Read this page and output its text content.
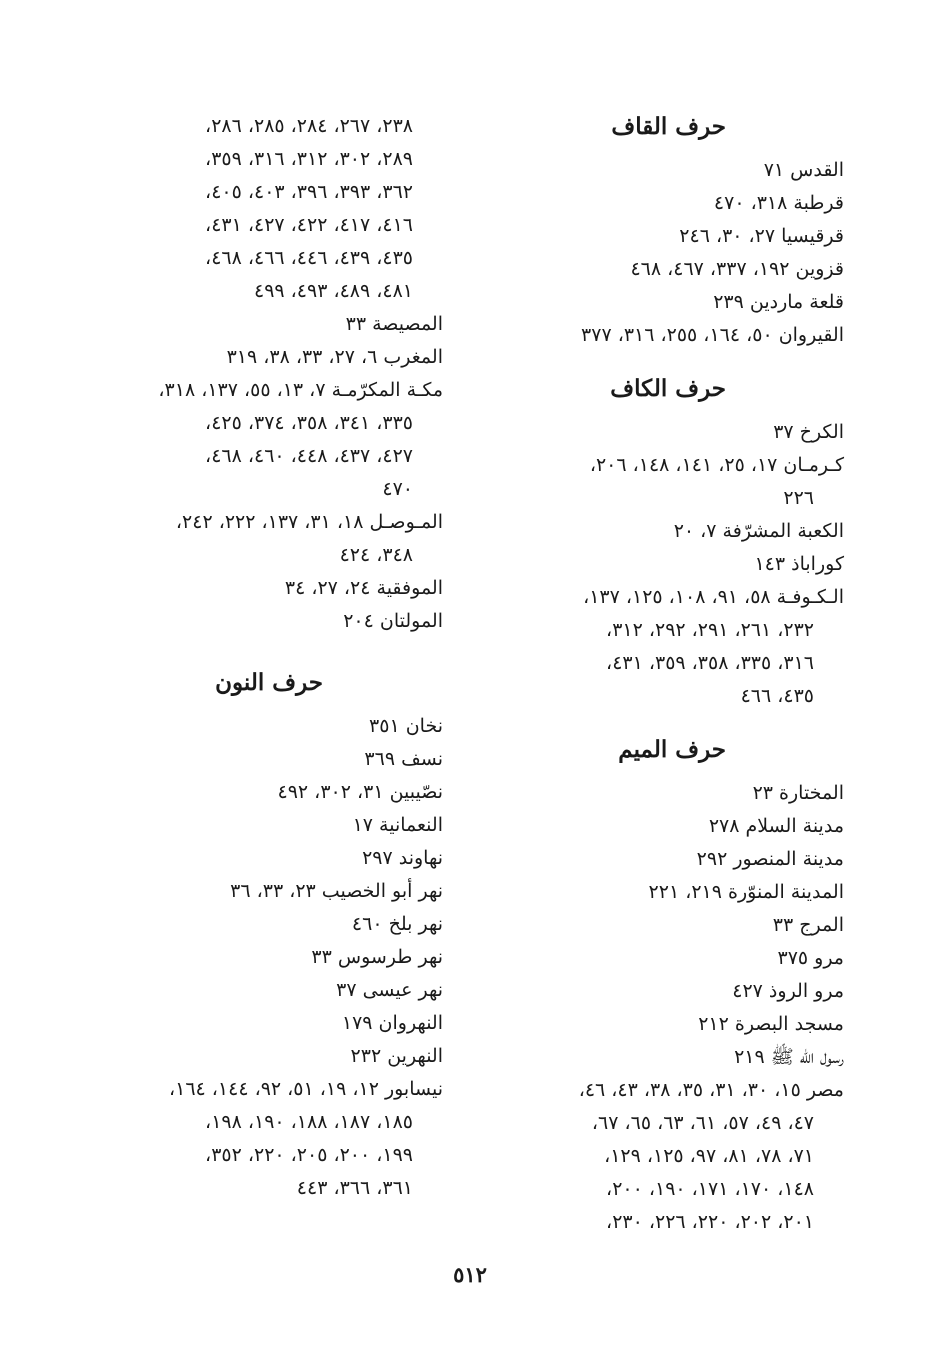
حرف القاف
القدس ٧١
قرطبة ٣١٨، ٤٧٠
قرقيسيا ٢٧، ٣٠، ٢٤٦
قزوين ١٩٢، ٣٣٧، ٤٦٧، ٤٦٨
قلعة ماردين ٢٣٩
القيروان ٥٠، ١٦٤، ٢٥٥، ٣١٦، ٣٧٧
حرف الكاف
الكرخ ٣٧
كـرمـان ١٧، ٢٥، ١٤١، ١٤٨، ٢٠٦،
٢٢٦
الكعبة المشرّفة ٧، ٢٠
كوراباذ ١٤٣
الـكـوفـة ٥٨، ٩١، ١٠٨، ١٢٥، ١٣٧،
٢٣٢، ٢٦١، ٢٩١، ٢٩٢، ٣١٢،
٣١٦، ٣٣٥، ٣٥٨، ٣٥٩، ٤٣١،
٤٣٥، ٤٦٦
حرف الميم
المختارة ٢٣
مدينة السلام ٢٧٨
مدينة المنصور ٢٩٢
المدينة المنوّرة ٢١٩، ٢٢١
المرج ٣٣
مرو ٣٧٥
مرو الروذ ٤٢٧
مسجد البصرة ٢١٢
رسول الله ﷺ ٢١٩
مصر ١٥، ٣٠، ٣١، ٣٥، ٣٨، ٤٣، ٤٦،
٤٧، ٤٩، ٥٧، ٦١، ٦٣، ٦٥، ٦٧،
٧١، ٧٨، ٨١، ٩٧، ١٢٥، ١٢٩،
١٤٨، ١٧٠، ١٧١، ١٩٠، ٢٠٠،
٢٠١، ٢٠٢، ٢٢٠، ٢٢٦، ٢٣٠،
٢٣٨، ٢٦٧، ٢٨٤، ٢٨٥، ٢٨٦،
٢٨٩، ٣٠٢، ٣١٢، ٣١٦، ٣٥٩،
٣٦٢، ٣٩٣، ٣٩٦، ٤٠٣، ٤٠٥،
٤١٦، ٤١٧، ٤٢٢، ٤٢٧، ٤٣١،
٤٣٥، ٤٣٩، ٤٤٦، ٤٦٦، ٤٦٨،
٤٨١، ٤٨٩، ٤٩٣، ٤٩٩
المصيصة ٣٣
المغرب ٦، ٢٧، ٣٣، ٣٨، ٣١٩
مكـة المكرّمـة ٧، ١٣، ٥٥، ١٣٧، ٣١٨،
٣٣٥، ٣٤١، ٣٥٨، ٣٧٤، ٤٢٥،
٤٢٧، ٤٣٧، ٤٤٨، ٤٦٠، ٤٦٨،
٤٧٠
المـوصـل ١٨، ٣١، ١٣٧، ٢٢٢، ٢٤٢،
٣٤٨، ٤٢٤
الموفقية ٢٤، ٢٧، ٣٤
المولتان ٢٠٤
حرف النون
نخان ٣٥١
نسف ٣٦٩
نصّيبين ٣١، ٣٠٢، ٤٩٢
النعمانية ١٧
نهاوند ٢٩٧
نهر أبو الخصيب ٢٣، ٣٣، ٣٦
نهر بلخ ٤٦٠
نهر طرسوس ٣٣
نهر عيسى ٣٧
النهروان ١٧٩
النهرين ٢٣٢
نيسابور ١٢، ١٩، ٥١، ٩٢، ١٤٤، ١٦٤،
١٨٥، ١٨٧، ١٨٨، ١٩٠، ١٩٨،
١٩٩، ٢٠٠، ٢٠٥، ٢٢٠، ٣٥٢،
٣٦١، ٣٦٦، ٤٤٣
٥١٢
